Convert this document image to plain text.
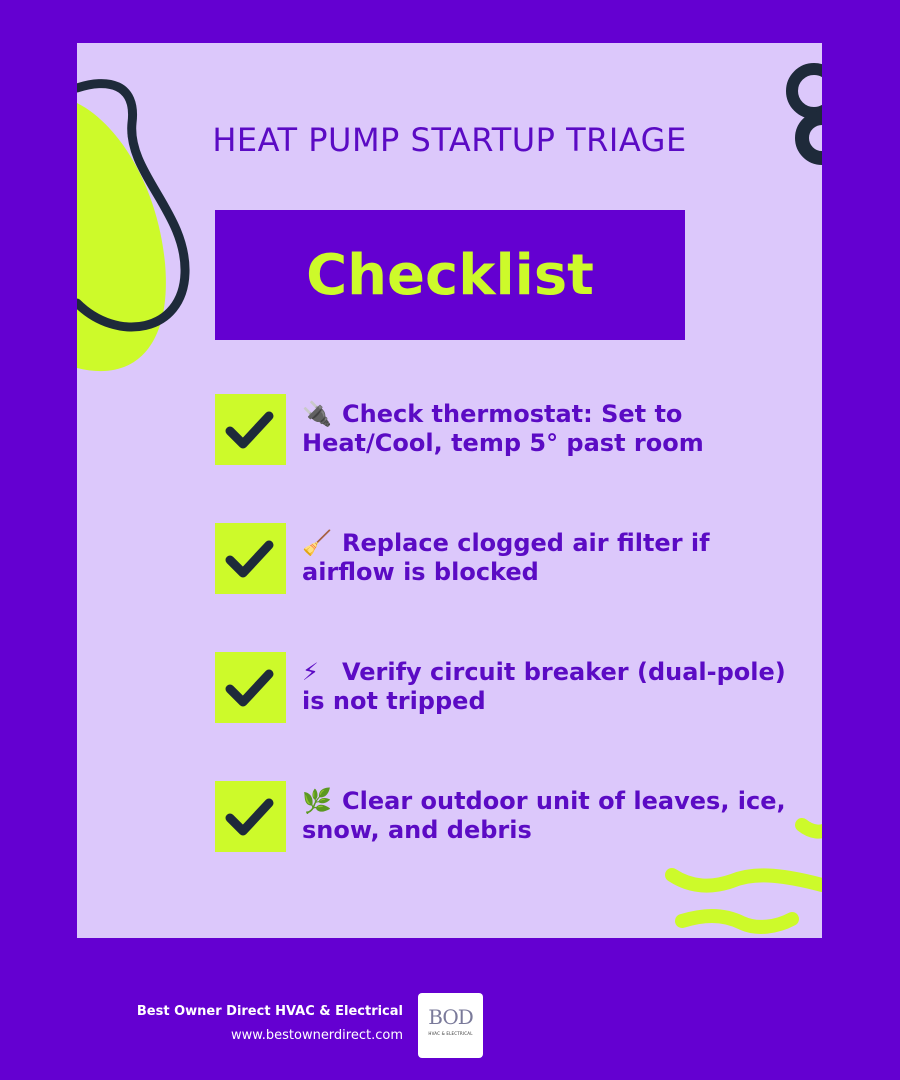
HEAT PUMP STARTUP TRIAGE
Checklist
🔌 Check thermostat: Set to Heat/Cool, temp 5° past room
🧹 Replace clogged air filter if airflow is blocked
⚡ Verify circuit breaker (dual-pole) is not tripped
🌿 Clear outdoor unit of leaves, ice, snow, and debris
Best Owner Direct HVAC & Electrical
www.bestownerdirect.com
BOD
HVAC & ELECTRICAL
